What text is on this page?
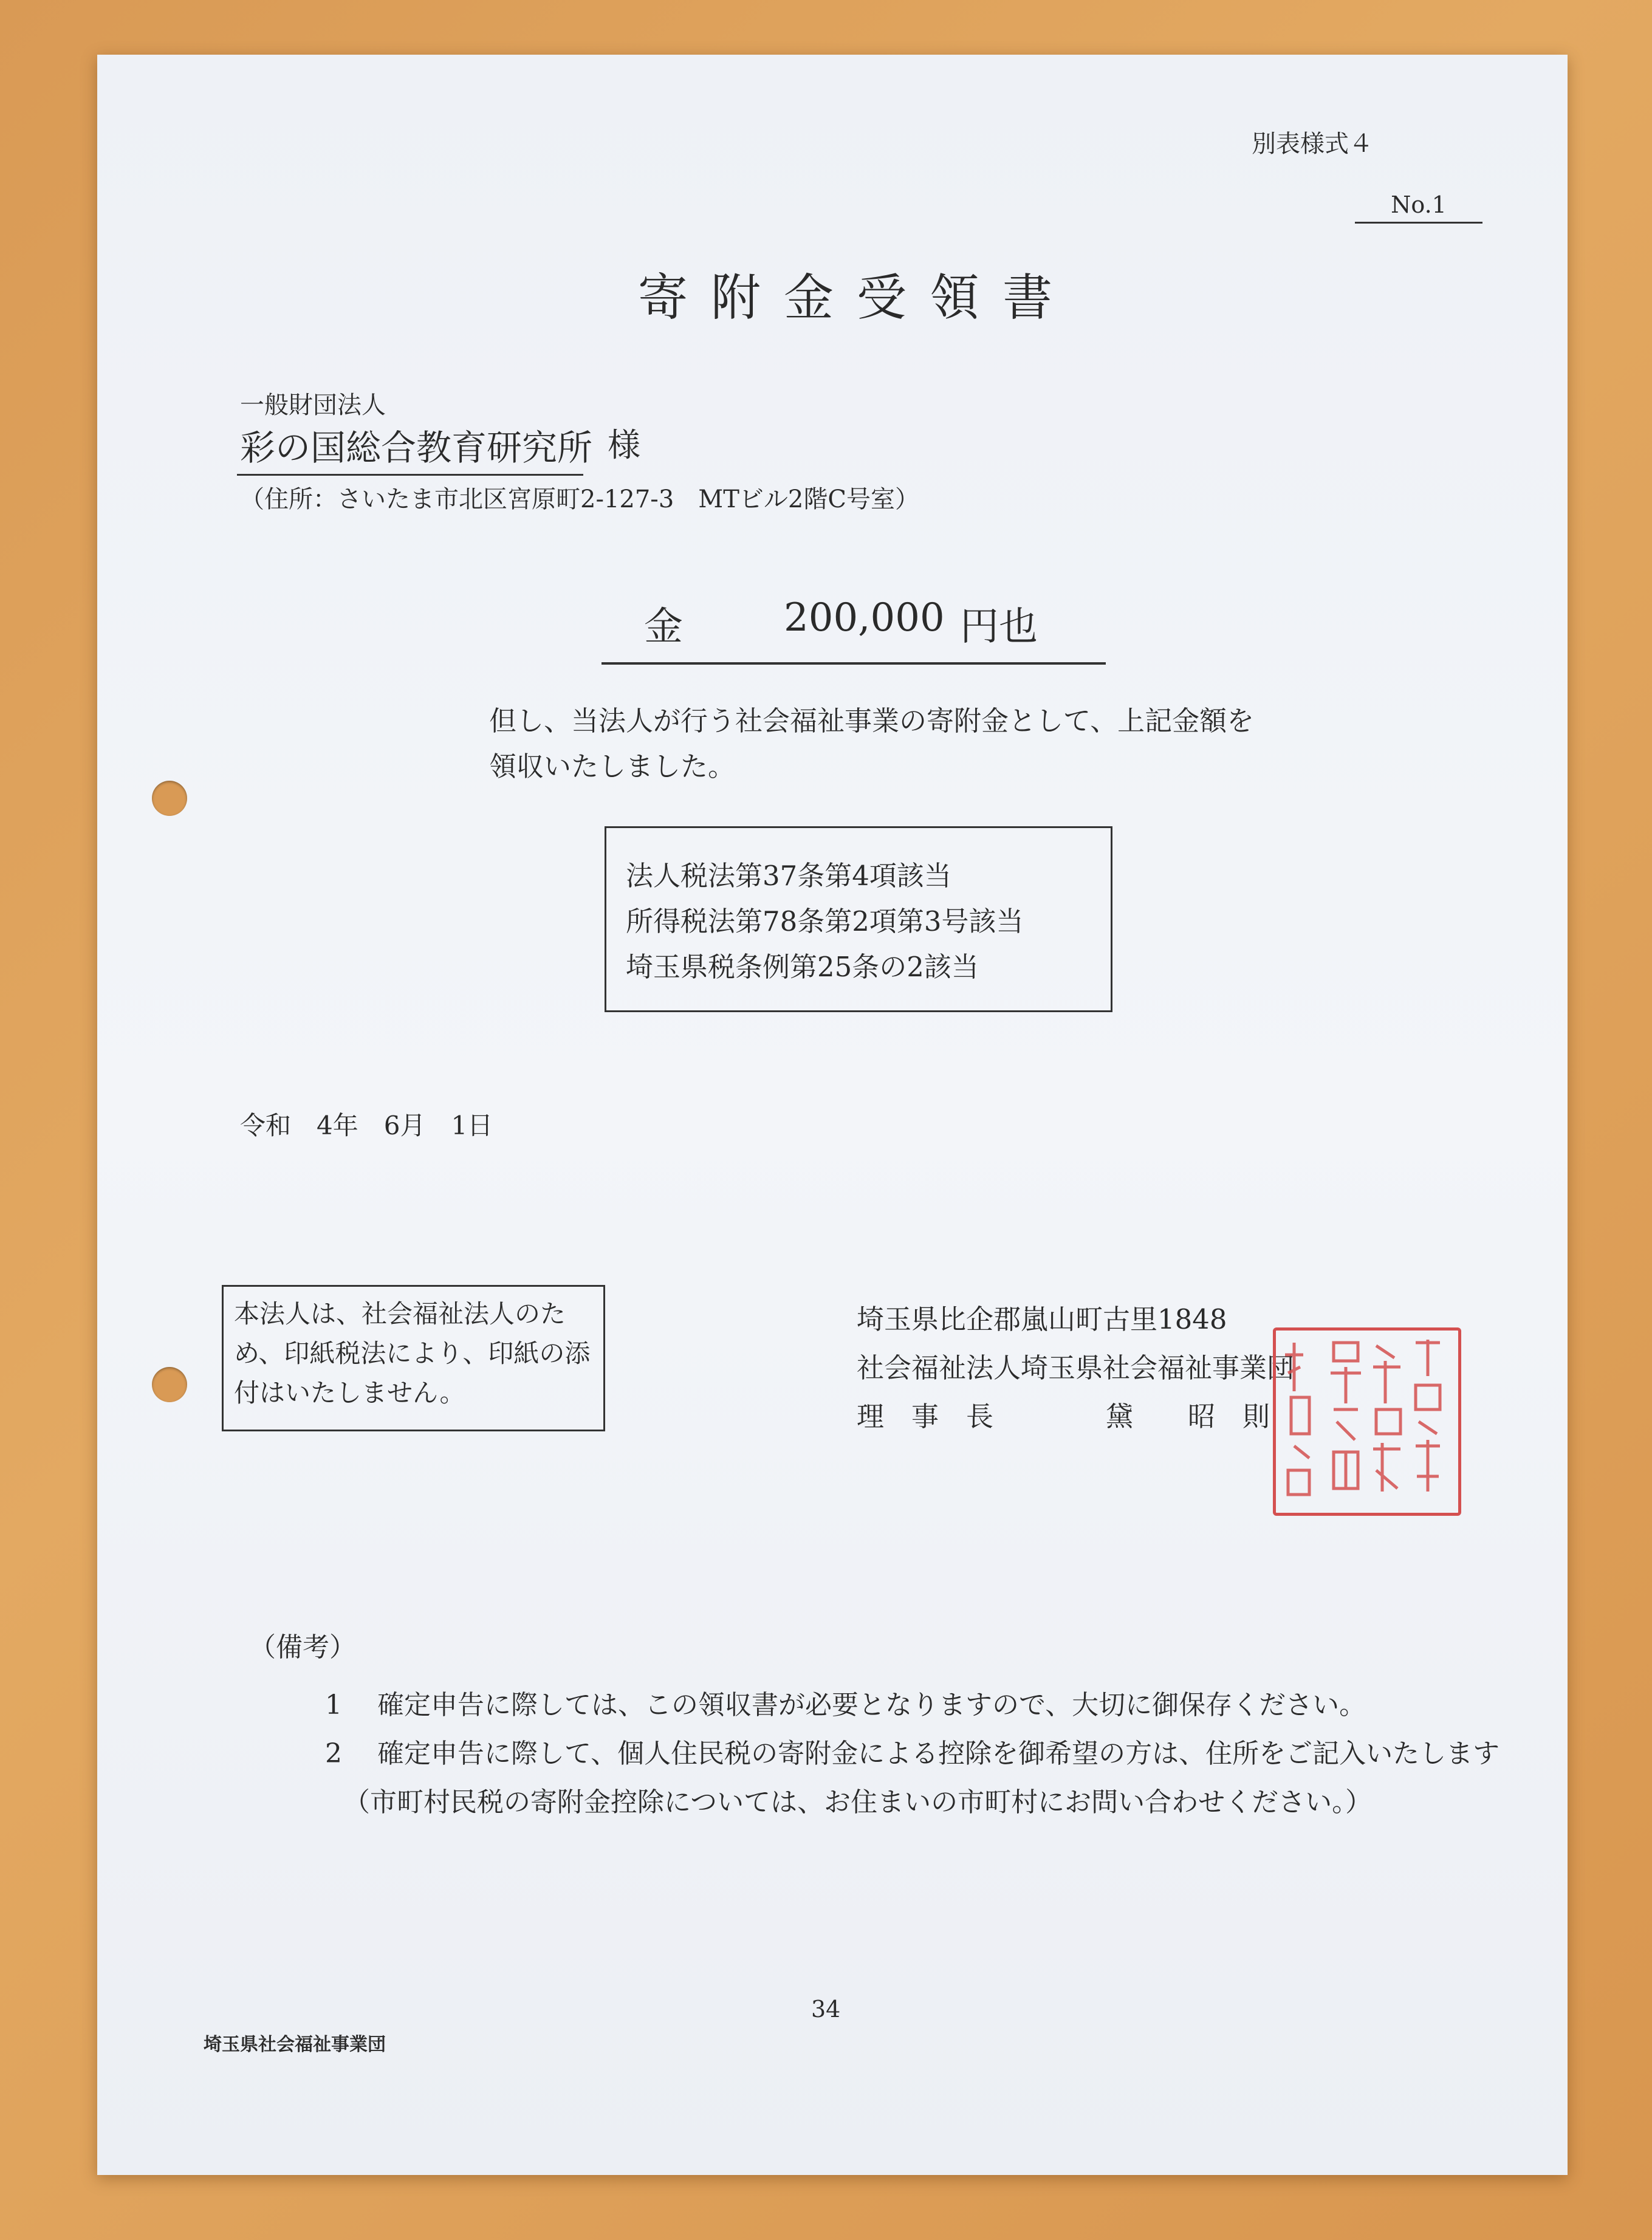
別表様式４
No.1
寄附金受領書
一般財団法人
彩の国総合教育研究所 様
（住所：さいたま市北区宮原町2-127-3　MTビル2階C号室）
金	200,000 円也
但し、当法人が行う社会福祉事業の寄附金として、上記金額を
領収いたしました。
法人税法第37条第4項該当
所得税法第78条第2項第3号該当
埼玉県税条例第25条の2該当
令和　4年　6月　1日
本法人は、社会福祉法人のた
め、印紙税法により、印紙の添
付はいたしません。
埼玉県比企郡嵐山町古里1848
社会福祉法人埼玉県社会福祉事業団
理　事　長	黛　　昭　則
（備考）
1　 確定申告に際しては、この領収書が必要となりますので、大切に御保存ください。
2　 確定申告に際して、個人住民税の寄附金による控除を御希望の方は、住所をご記入いたします
（市町村民税の寄附金控除については、お住まいの市町村にお問い合わせください。）
34
埼玉県社会福祉事業団
